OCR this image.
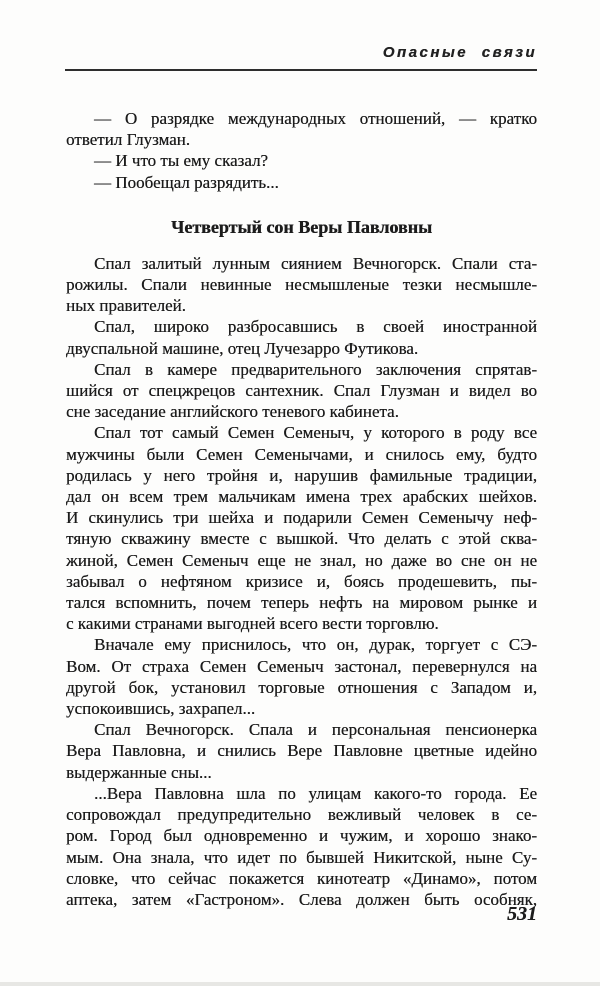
Опасные связи
— О разрядке международных отношений, — кратко
ответил Глузман.
— И что ты ему сказал?
— Пообещал разрядить...
Четвертый сон Веры Павловны
Спал залитый лунным сиянием Вечногорск. Спали ста-
рожилы. Спали невинные несмышленые тезки несмышле-
ных правителей.
Спал, широко разбросавшись в своей иностранной
двуспальной машине, отец Лучезарро Футикова.
Спал в камере предварительного заключения спрятав-
шийся от спецжрецов сантехник. Спал Глузман и видел во
сне заседание английского теневого кабинета.
Спал тот самый Семен Семеныч, у которого в роду все
мужчины были Семен Семенычами, и снилось ему, будто
родилась у него тройня и, нарушив фамильные традиции,
дал он всем трем мальчикам имена трех арабских шейхов.
И скинулись три шейха и подарили Семен Семенычу неф-
тяную скважину вместе с вышкой. Что делать с этой сква-
жиной, Семен Семеныч еще не знал, но даже во сне он не
забывал о нефтяном кризисе и, боясь продешевить, пы-
тался вспомнить, почем теперь нефть на мировом рынке и
с какими странами выгодней всего вести торговлю.
Вначале ему приснилось, что он, дурак, торгует с СЭ-
Вом. От страха Семен Семеныч застонал, перевернулся на
другой бок, установил торговые отношения с Западом и,
успокоившись, захрапел...
Спал Вечногорск. Спала и персональная пенсионерка
Вера Павловна, и снились Вере Павловне цветные идейно
выдержанные сны...
...Вера Павловна шла по улицам какого-то города. Ее
сопровождал предупредительно вежливый человек в се-
ром. Город был одновременно и чужим, и хорошо знако-
мым. Она знала, что идет по бывшей Никитской, ныне Су-
словке, что сейчас покажется кинотеатр «Динамо», потом
аптека, затем «Гастроном». Слева должен быть особняк,
531
